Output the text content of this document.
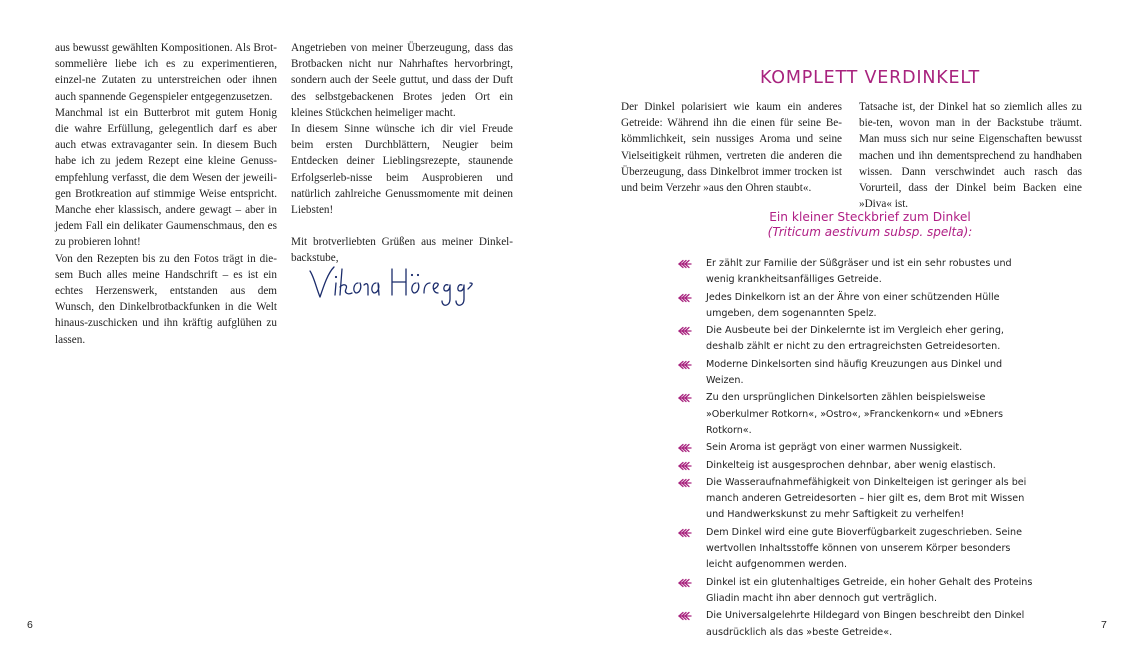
aus bewusst gewählten Kompositionen. Als Brot-sommelière liebe ich es zu experimentieren, einzel-ne Zutaten zu unterstreichen oder ihnen auch spannende Gegenspieler entgegenzusetzen.

Manchmal ist ein Butterbrot mit gutem Honig die wahre Erfüllung, gelegentlich darf es aber auch etwas extravaganter sein. In diesem Buch habe ich zu jedem Rezept eine kleine Genuss-empfehlung verfasst, die dem Wesen der jeweili-gen Brotkreation auf stimmige Weise entspricht. Manche eher klassisch, andere gewagt – aber in jedem Fall ein delikater Gaumenschmaus, den es zu probieren lohnt!

Von den Rezepten bis zu den Fotos trägt in die-sem Buch alles meine Handschrift – es ist ein echtes Herzenswerk, entstanden aus dem Wunsch, den Dinkelbrotbackfunken in die Welt hinaus-zuschicken und ihn kräftig aufglühen zu lassen.

Angetrieben von meiner Überzeugung, dass das Brotbacken nicht nur Nahrhaftes hervorbringt, sondern auch der Seele guttut, und dass der Duft des selbstgebackenen Brotes jeden Ort ein kleines Stückchen heimeliger macht.

In diesem Sinne wünsche ich dir viel Freude beim ersten Durchblättern, Neugier beim Entdecken deiner Lieblingsrezepte, staunende Erfolgserleb-nisse beim Ausprobieren und natürlich zahlreiche Genussmomente mit deinen Liebsten!

Mit brotverliebten Grüßen aus meiner Dinkel-backstube,

6
KOMPLETT VERDINKELT

Der Dinkel polarisiert wie kaum ein anderes Getreide: Während ihn die einen für seine Be-kömmlichkeit, sein nussiges Aroma und seine Vielseitigkeit rühmen, vertreten die anderen die Überzeugung, dass Dinkelbrot immer trocken ist und beim Verzehr »aus den Ohren staubt«.

Tatsache ist, der Dinkel hat so ziemlich alles zu bie-ten, wovon man in der Backstube träumt. Man muss sich nur seine Eigenschaften bewusst machen und ihn dementsprechend zu handhaben wissen. Dann verschwindet auch rasch das Vorurteil, dass der Dinkel beim Backen eine »Diva« ist.

Ein kleiner Steckbrief zum Dinkel
(Triticum aestivum subsp. spelta):
Er zählt zur Familie der Süßgräser und ist ein sehr robustes und wenig krankheitsanfälliges Getreide.
Jedes Dinkelkorn ist an der Ähre von einer schützenden Hülle umgeben, dem sogenannten Spelz.
Die Ausbeute bei der Dinkelernte ist im Vergleich eher gering, deshalb zählt er nicht zu den ertragreichsten Getreidesorten.
Moderne Dinkelsorten sind häufig Kreuzungen aus Dinkel und Weizen.
Zu den ursprünglichen Dinkelsorten zählen beispielsweise »Oberkulmer Rotkorn«, »Ostro«, »Franckenkorn« und »Ebners Rotkorn«.
Sein Aroma ist geprägt von einer warmen Nussigkeit.
Dinkelteig ist ausgesprochen dehnbar, aber wenig elastisch.
Die Wasseraufnahmefähigkeit von Dinkelteigen ist geringer als bei manch anderen Getreidesorten – hier gilt es, dem Brot mit Wissen und Handwerkskunst zu mehr Saftigkeit zu verhelfen!
Dem Dinkel wird eine gute Bioverfügbarkeit zugeschrieben. Seine wertvollen Inhaltsstoffe können von unserem Körper besonders leicht aufgenommen werden.
Dinkel ist ein glutenhaltiges Getreide, ein hoher Gehalt des Proteins Gliadin macht ihn aber dennoch gut verträglich.
Die Universalgelehrte Hildegard von Bingen beschreibt den Dinkel ausdrücklich als das »beste Getreide«.
7
